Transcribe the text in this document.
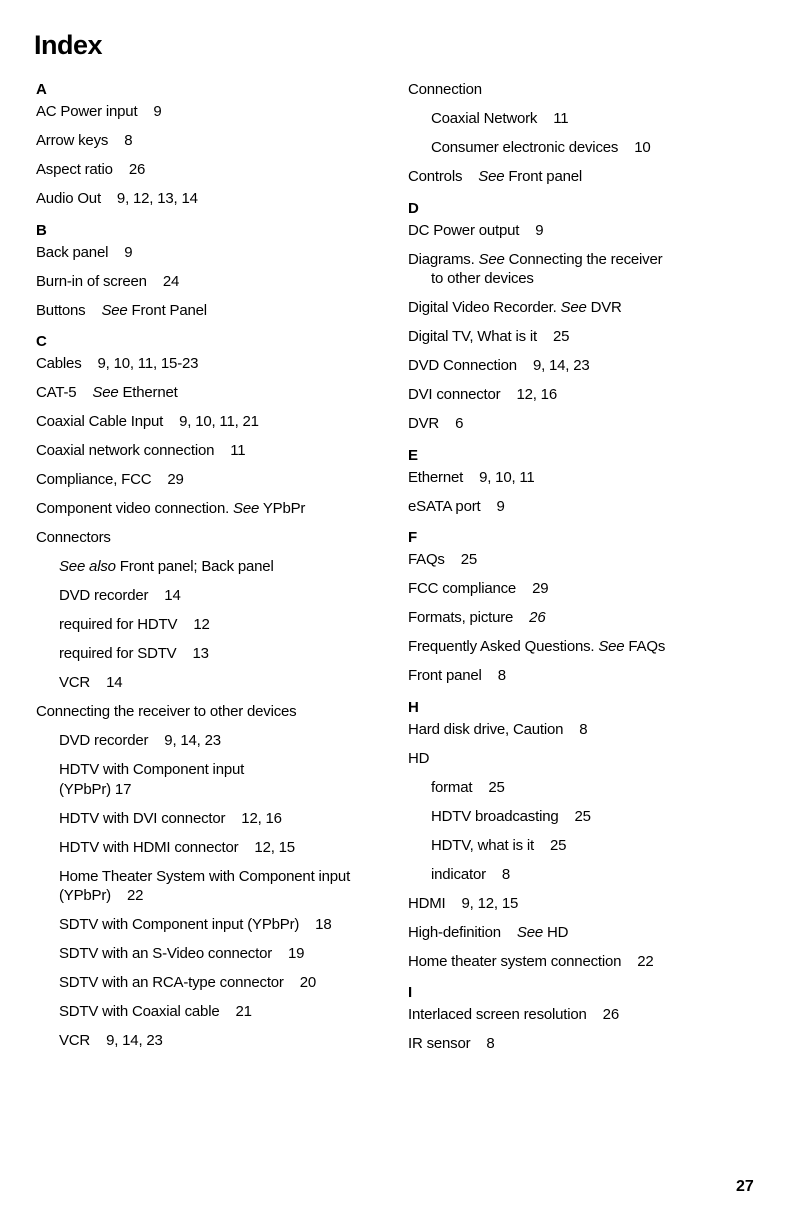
Index
A
AC Power input 9
Arrow keys 8
Aspect ratio 26
Audio Out 9, 12, 13, 14
B
Back panel 9
Burn-in of screen 24
Buttons See Front Panel
C
Cables 9, 10, 11, 15-23
CAT-5 See Ethernet
Coaxial Cable Input 9, 10, 11, 21
Coaxial network connection 11
Compliance, FCC 29
Component video connection. See YPbPr
Connectors
See also Front panel; Back panel
DVD recorder 14
required for HDTV 12
required for SDTV 13
VCR 14
Connecting the receiver to other devices
DVD recorder 9, 14, 23
HDTV with Component input
(YPbPr) 17
HDTV with DVI connector 12, 16
HDTV with HDMI connector 12, 15
Home Theater System with Component input
(YPbPr) 22
SDTV with Component input (YPbPr) 18
SDTV with an S-Video connector 19
SDTV with an RCA-type connector 20
SDTV with Coaxial cable 21
VCR 9, 14, 23
Connection
Coaxial Network 11
Consumer electronic devices 10
Controls See Front panel
D
DC Power output 9
Diagrams. See Connecting the receiver
to other devices
Digital Video Recorder. See DVR
Digital TV, What is it 25
DVD Connection 9, 14, 23
DVI connector 12, 16
DVR 6
E
Ethernet 9, 10, 11
eSATA port 9
F
FAQs 25
FCC compliance 29
Formats, picture 26
Frequently Asked Questions. See FAQs
Front panel 8
H
Hard disk drive, Caution 8
HD
format 25
HDTV broadcasting 25
HDTV, what is it 25
indicator 8
HDMI 9, 12, 15
High-definition See HD
Home theater system connection 22
I
Interlaced screen resolution 26
IR sensor 8
27
